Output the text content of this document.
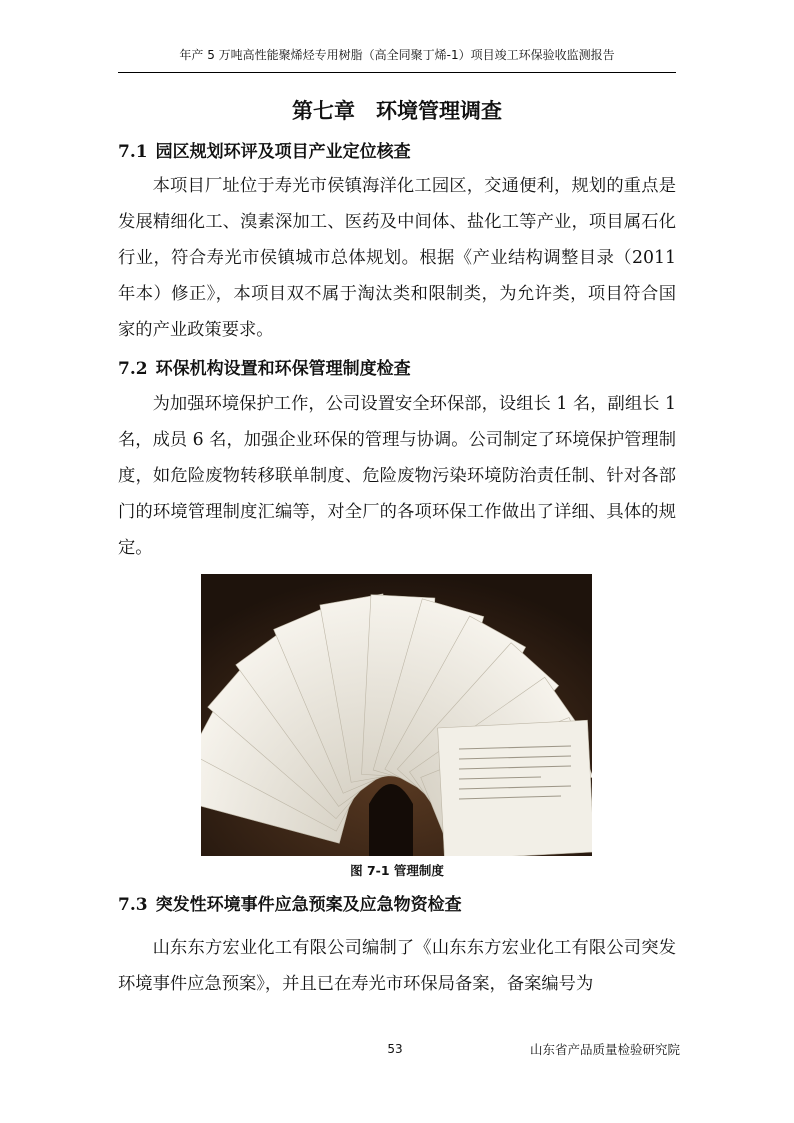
年产 5 万吨高性能聚烯烃专用树脂（高全同聚丁烯-1）项目竣工环保验收监测报告
第七章　环境管理调查
7.1 园区规划环评及项目产业定位核查

本项目厂址位于寿光市侯镇海洋化工园区，交通便利，规划的重点是发展精细化工、溴素深加工、医药及中间体、盐化工等产业，项目属石化行业，符合寿光市侯镇城市总体规划。根据《产业结构调整目录（2011 年本）修正》，本项目双不属于淘汰类和限制类，为允许类，项目符合国家的产业政策要求。

7.2 环保机构设置和环保管理制度检查

为加强环境保护工作，公司设置安全环保部，设组长 1 名，副组长 1 名，成员 6 名，加强企业环保的管理与协调。公司制定了环境保护管理制度，如危险废物转移联单制度、危险废物污染环境防治责任制、针对各部门的环境管理制度汇编等，对全厂的各项环保工作做出了详细、具体的规定。

图 7-1 管理制度
7.3 突发性环境事件应急预案及应急物资检查

山东东方宏业化工有限公司编制了《山东东方宏业化工有限公司突发环境事件应急预案》，并且已在寿光市环保局备案，备案编号为

53	山东省产品质量检验研究院
